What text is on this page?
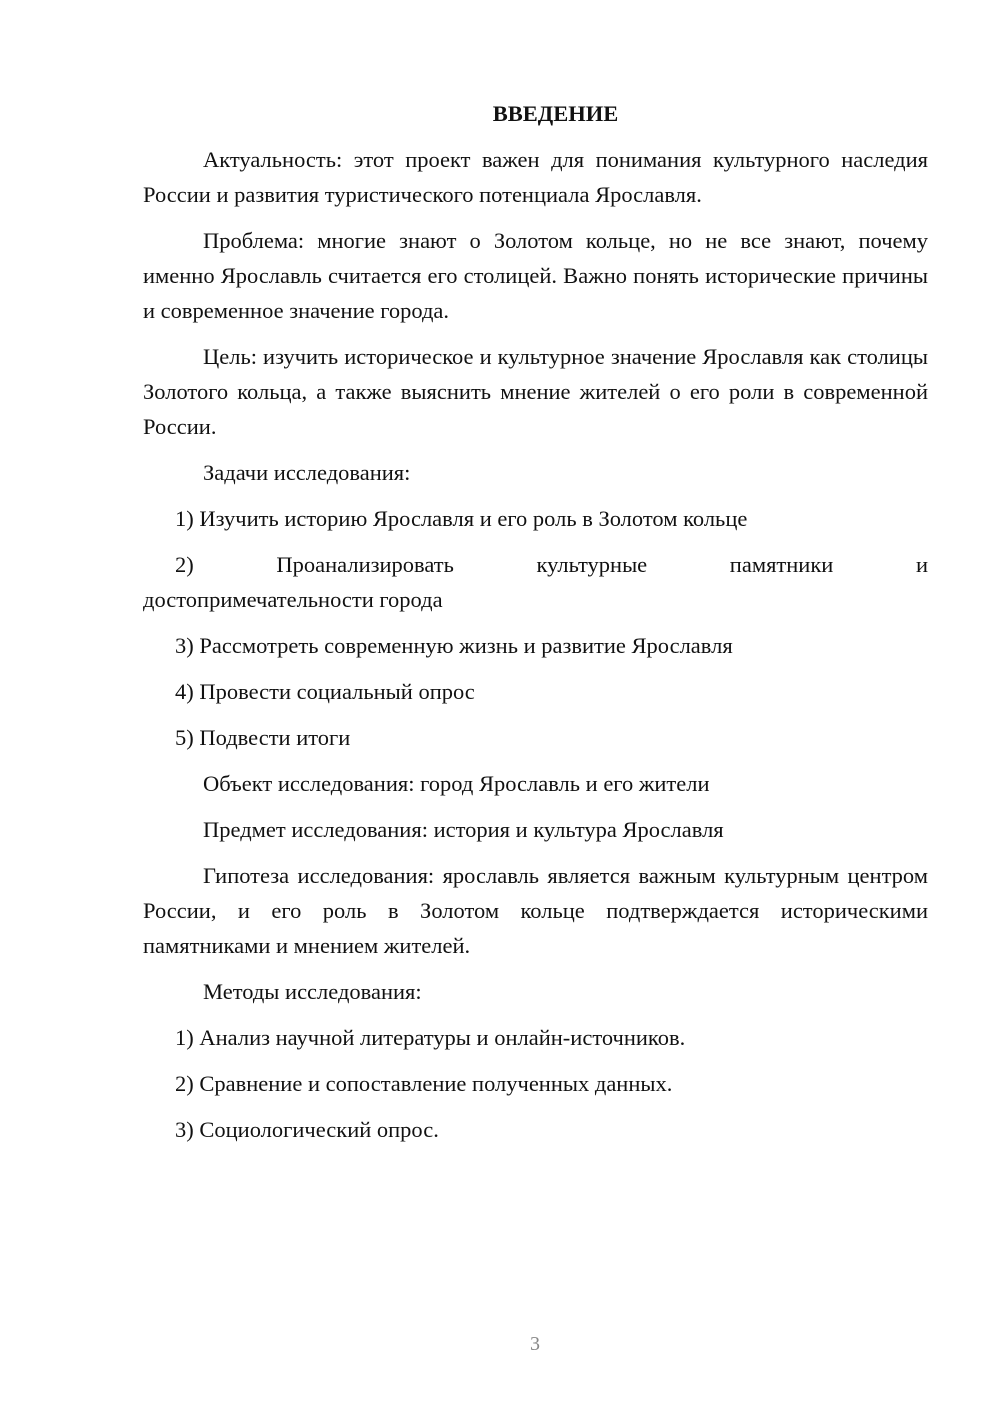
ВВЕДЕНИЕ

Актуальность: этот проект важен для понимания культурного наследия России и развития туристического потенциала Ярославля.

Проблема: многие знают о Золотом кольце, но не все знают, почему именно Ярославль считается его столицей. Важно понять исторические причины и современное значение города.

Цель: изучить историческое и культурное значение Ярославля как столицы Золотого кольца, а также выяснить мнение жителей о его роли в современной России.

Задачи исследования:

1) Изучить историю Ярославля и его роль в Золотом кольце

2)	Проанализировать	культурные	памятники	и
достопримечательности города

3) Рассмотреть современную жизнь и развитие Ярославля

4) Провести социальный опрос

5) Подвести итоги

Объект исследования: город Ярославль и его жители

Предмет исследования: история и культура Ярославля

Гипотеза исследования: ярославль является важным культурным центром России, и его роль в Золотом кольце подтверждается историческими памятниками и мнением жителей.

Методы исследования:

1) Анализ научной литературы и онлайн-источников.

2) Сравнение и сопоставление полученных данных.

3) Социологический опрос.

3
